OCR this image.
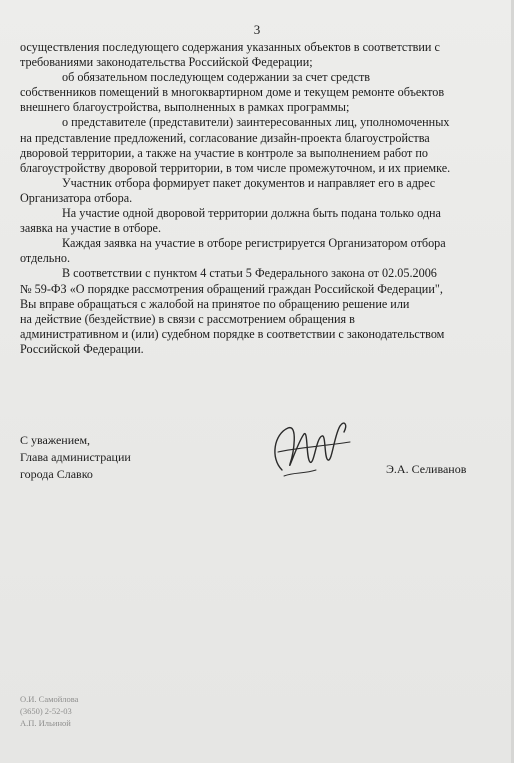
3

осуществления последующего содержания указанных объектов в соответствии с

требованиями законодательства Российской Федерации;

об обязательном последующем содержании за счет средств

собственников помещений в многоквартирном доме и текущем ремонте объектов

внешнего благоустройства, выполненных в рамках программы;

о представителе (представители) заинтересованных лиц, уполномоченных

на представление предложений, согласование дизайн-проекта благоустройства

дворовой территории, а также на участие в контроле за выполнением работ по

благоустройству дворовой территории, в том числе промежуточном, и их приемке.

Участник отбора формирует пакет документов и направляет его в адрес

Организатора отбора.

На участие одной дворовой территории должна быть подана только одна

заявка на участие в отборе.

Каждая заявка на участие в отборе регистрируется Организатором отбора

отдельно.

В соответствии с пунктом 4 статьи 5 Федерального закона от 02.05.2006

№ 59-ФЗ «О порядке рассмотрения обращений граждан Российской Федерации",

Вы вправе обращаться с жалобой на принятое по обращению решение или

на действие (бездействие) в связи с рассмотрением обращения в

административном и (или) судебном порядке в соответствии с законодательством

Российской Федерации.

С уважением,
Глава администрации
города Славко	Э.А. Селиванов
О.И. Самойлова
(3650) 2-52-03
А.П. Ильиной
